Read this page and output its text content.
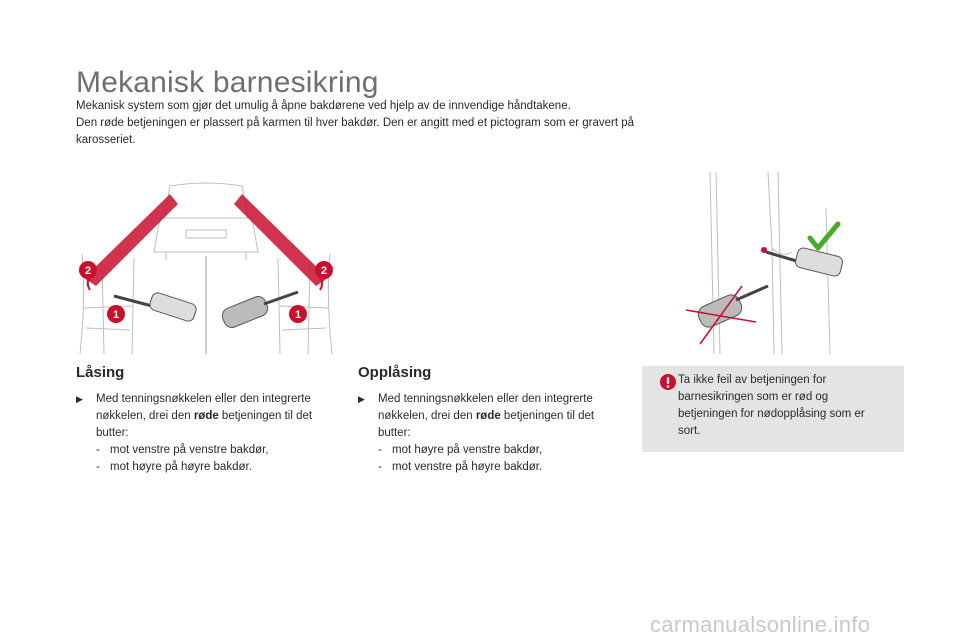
Mekanisk barnesikring

Mekanisk system som gjør det umulig å åpne bakdørene ved hjelp av de innvendige håndtakene.

Den røde betjeningen er plassert på karmen til hver bakdør. Den er angitt med et pictogram som er gravert på karosseriet.

2
1
2
1
Låsing
▶ Med tenningsnøkkelen eller den integrerte nøkkelen, drei den røde betjeningen til det butter:
- mot venstre på venstre bakdør,
- mot høyre på høyre bakdør.
Opplåsing
▶ Med tenningsnøkkelen eller den integrerte nøkkelen, drei den røde betjeningen til det butter:
- mot høyre på venstre bakdør,
- mot venstre på høyre bakdør.
Ta ikke feil av betjeningen for barnesikringen som er rød og betjeningen for nødopplåsing som er sort.
carmanualsonline.info
